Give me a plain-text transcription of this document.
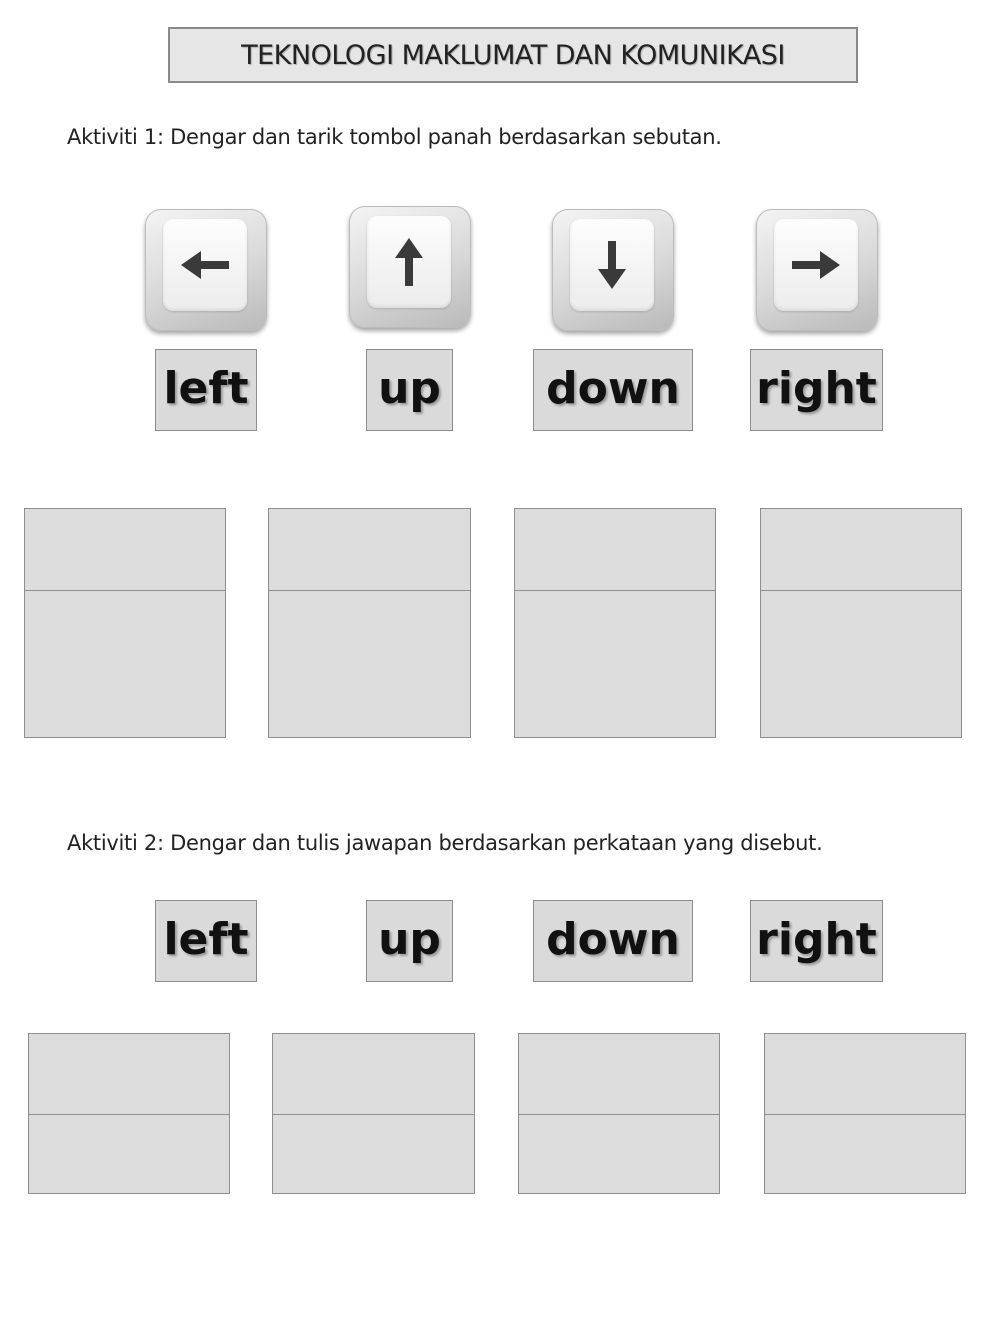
TEKNOLOGI MAKLUMAT DAN KOMUNIKASI
Aktiviti 1: Dengar dan tarik tombol panah berdasarkan sebutan.
left	up down right
Aktiviti 2: Dengar dan tulis jawapan berdasarkan perkataan yang disebut.
left	up down right
